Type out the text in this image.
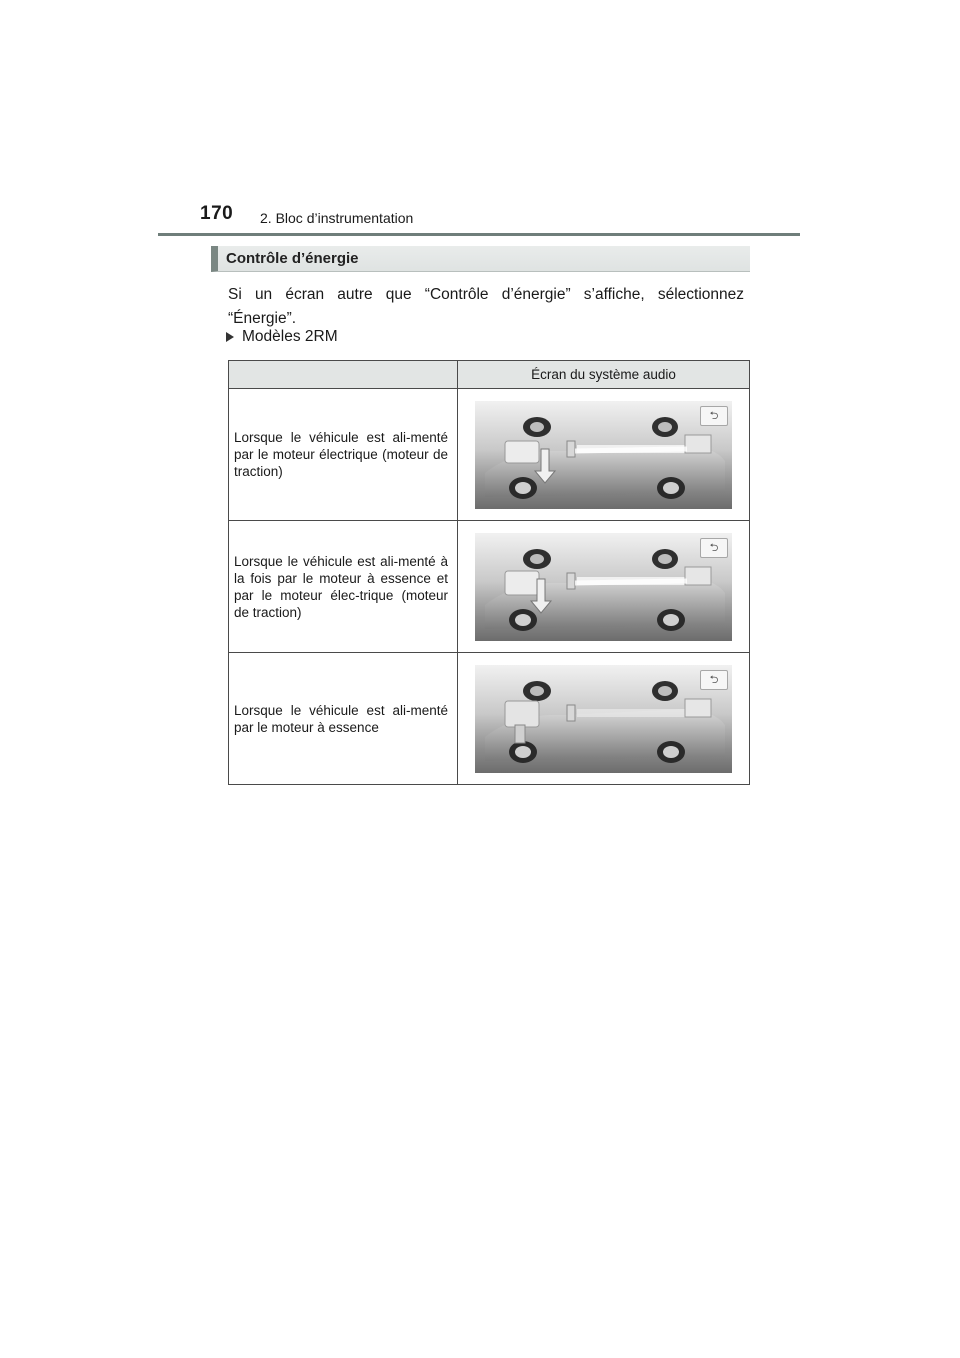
170 2. Bloc d’instrumentation
Contrôle d’énergie

Si un écran autre que “Contrôle d’énergie” s’affiche, sélectionnez “Énergie”.

Modèles 2RM
	Écran du système audio
Lorsque le véhicule est ali-menté par le moteur électrique (moteur de traction)	⮌

Lorsque le véhicule est ali-menté à la fois par le moteur à essence et par le moteur élec-trique (moteur de traction)	⮌

Lorsque le véhicule est ali-menté par le moteur à essence	⮌
